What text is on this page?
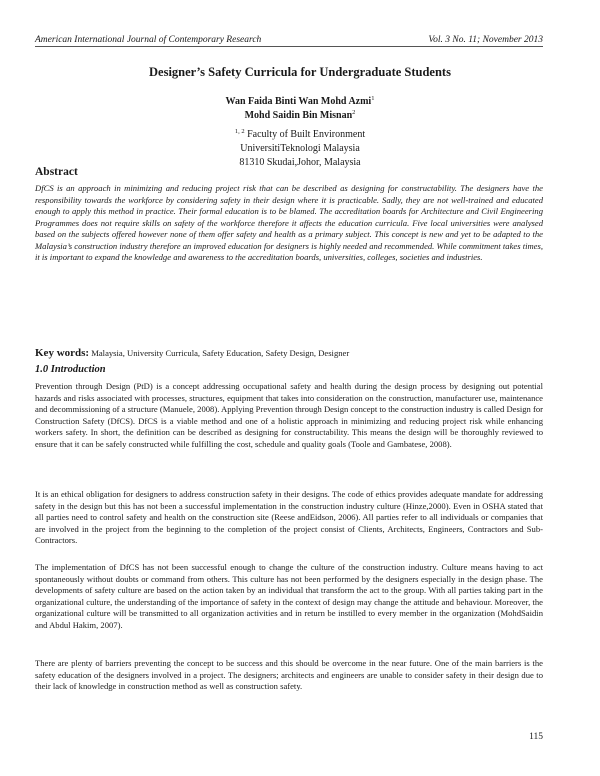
American International Journal of Contemporary Research	Vol. 3 No. 11; November 2013
Designer’s Safety Curricula for Undergraduate Students
Wan Faida Binti Wan Mohd Azmi$^1$
Mohd Saidin Bin Misnan$^2$
$^{1, 2}$ Faculty of Built Environment
UniversitiTeknologi Malaysia
81310 Skudai,Johor, Malaysia
Abstract

DfCS is an approach in minimizing and reducing project risk that can be described as designing for constructability. The designers have the responsibility towards the workforce by considering safety in their design where it is practicable. Sadly, they are not well-trained and educated enough to apply this method in practice. Their formal education is to be blamed. The accreditation boards for Architecture and Civil Engineering Programmes does not require skills on safety of the workforce therefore it affects the education curricula. Five local universities were analysed based on the subjects offered however none of them offer safety and health as a primary subject. This concept is new and yet to be adapted to the Malaysia’s construction industry therefore an improved education for designers is highly needed and recommended. While commitment takes times, it is important to expand the knowledge and awareness to the accreditation boards, universities, colleges, societies and industries.

Key words: Malaysia, University Curricula, Safety Education, Safety Design, Designer
1.0 Introduction

Prevention through Design (PtD) is a concept addressing occupational safety and health during the design process by designing out potential hazards and risks associated with processes, structures, equipment that takes into consideration on the construction, manufacturer use, maintenance and decommissioning of a structure (Manuele, 2008). Applying Prevention through Design concept to the construction industry is called Design for Construction Safety (DfCS). DfCS is a viable method and one of a holistic approach in minimizing and reducing project risk while enhancing workers safety. In short, the definition can be described as designing for constructability. This means the design will be thoroughly reviewed to ensure that it can be safely constructed while fulfilling the cost, schedule and quality goals (Toole and Gambatese, 2008).

It is an ethical obligation for designers to address construction safety in their designs. The code of ethics provides adequate mandate for addressing safety in the design but this has not been a successful implementation in the construction industry culture (Hinze,2000). Even in OSHA stated that all parties need to control safety and health on the construction site (Reese andEidson, 2006). All parties refer to all individuals or companies that are involved in the project from the beginning to the completion of the project consist of Clients, Architects, Engineers, Contractors and Sub-Contractors.

The implementation of DfCS has not been successful enough to change the culture of the construction industry. Culture means having to act spontaneously without doubts or command from others. This culture has not been performed by the designers especially in the design phase. The developments of safety culture are based on the action taken by an individual that transform the act to the group. With all parties taking part in the organizational culture, the understanding of the importance of safety in the context of design may change the attitude and behaviour. Moreover, the organizational culture will be transmitted to all organization activities and in return be instilled to every member in the organization (MohdSaidin and Abdul Hakim, 2007).

There are plenty of barriers preventing the concept to be success and this should be overcome in the near future. One of the main barriers is the safety education of the designers involved in a project. The designers; architects and engineers are unable to consider safety in their design due to their lack of knowledge in construction method as well as construction safety.

115
